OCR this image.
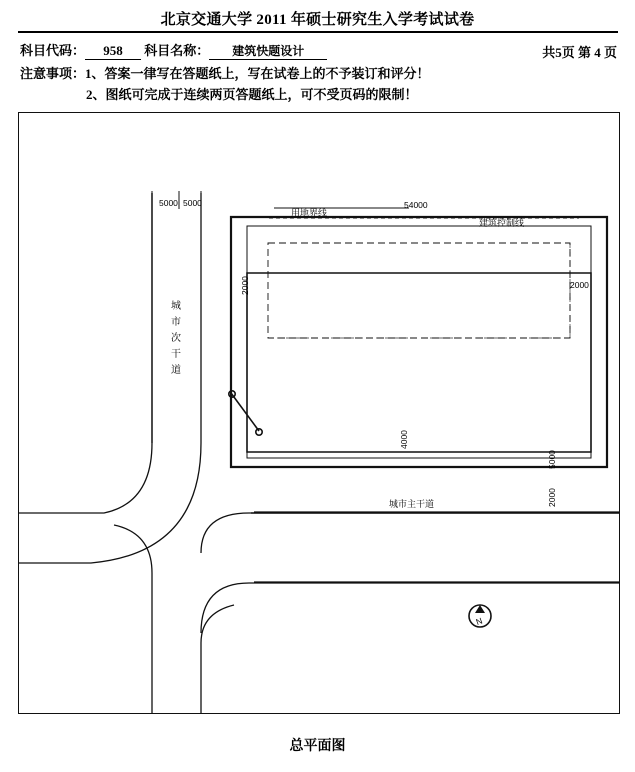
北京交通大学 2011 年硕士研究生入学考试试卷
科目代码： 958 科目名称： 建筑快题设计	共5页 第 4 页
注意事项：1、答案一律写在答题纸上，写在试卷上的不予装订和评分！
2、图纸可完成于连续两页答题纸上，可不受页码的限制！
5000 5000
用地界线
54000
建筑控制线
2000	2000
4000
5000
2000
城
市
次
干
道
城市主干道
N
总平面图
